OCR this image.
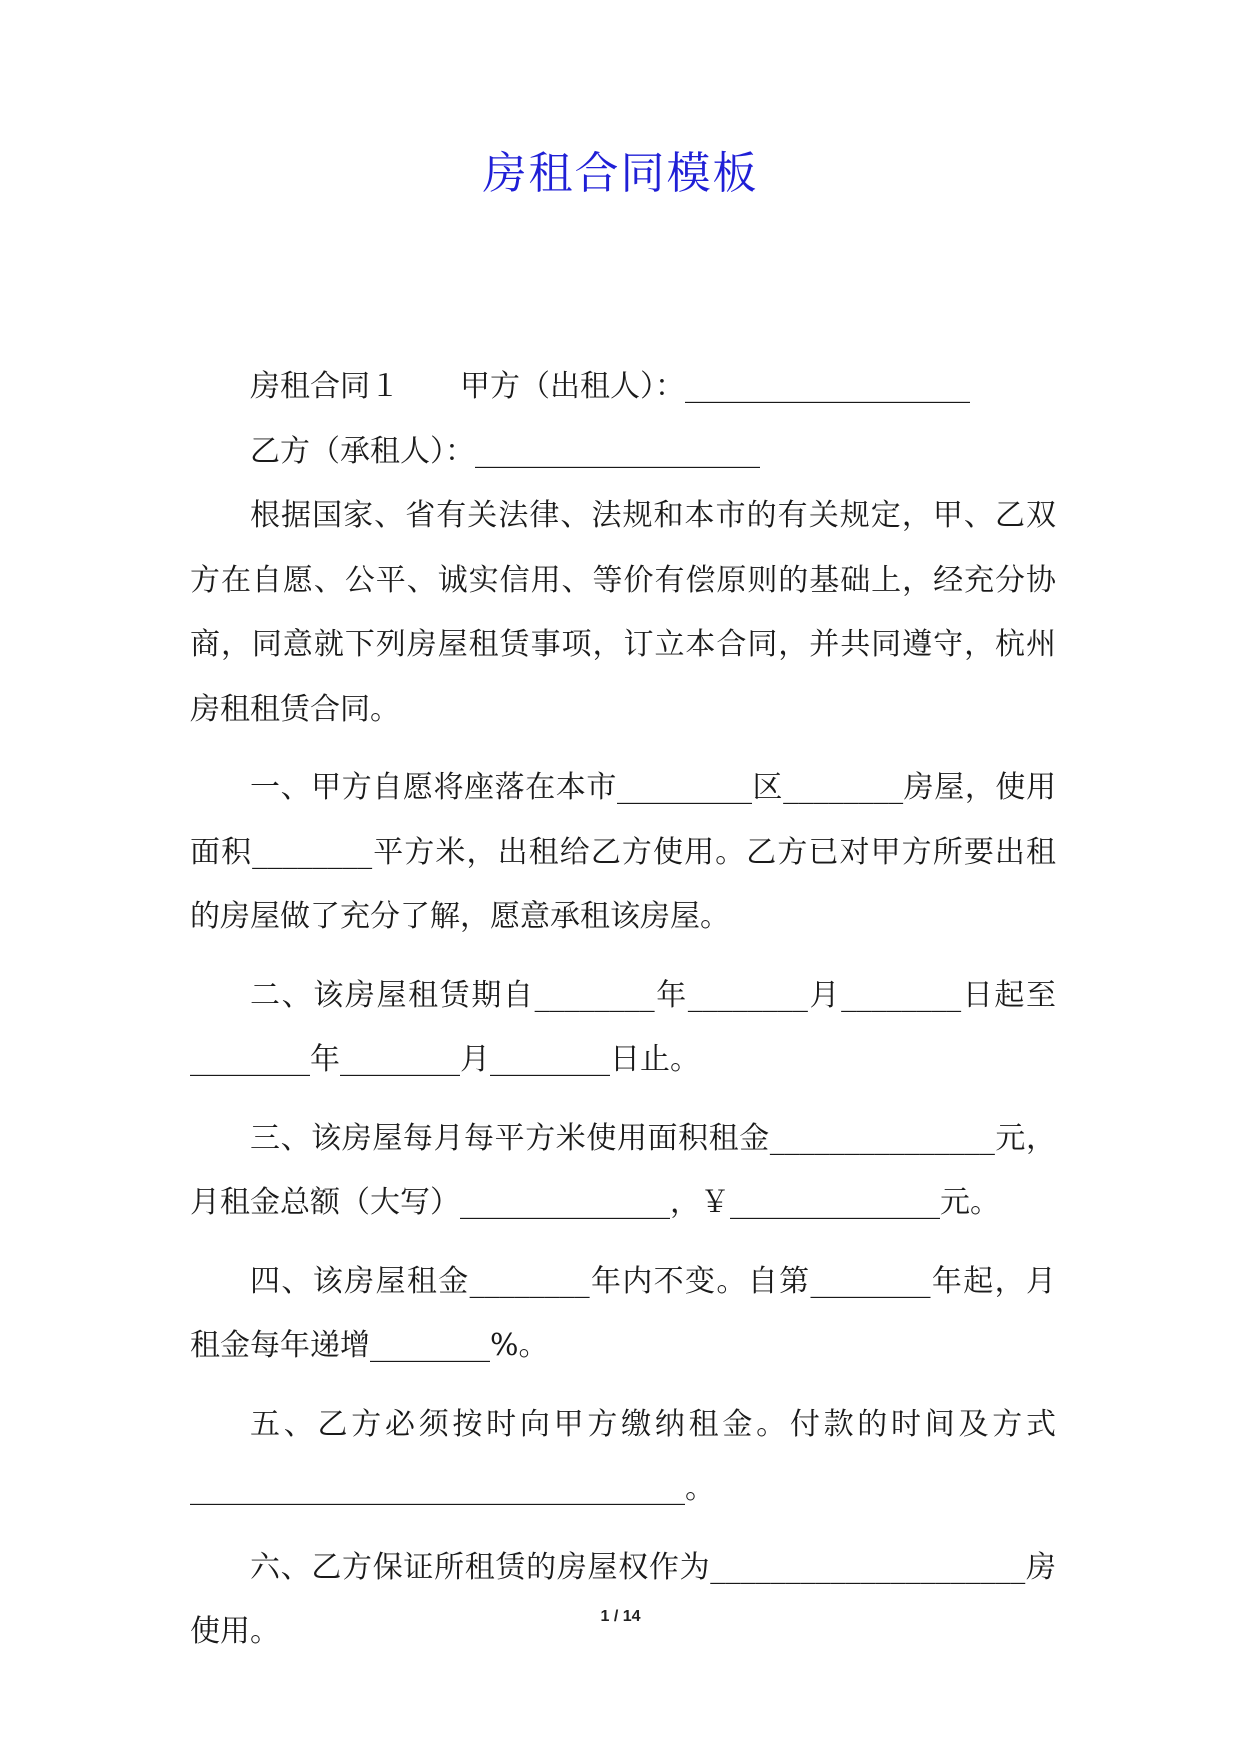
房租合同模板

房租合同１　　甲方（出租人）：___________________

乙方（承租人）：___________________

根据国家、省有关法律、法规和本市的有关规定，甲、乙双方在自愿、公平、诚实信用、等价有偿原则的基础上，经充分协商，同意就下列房屋租赁事项，订立本合同，并共同遵守，杭州房租租赁合同。

一、甲方自愿将座落在本市_________区________房屋，使用面积________平方米，出租给乙方使用。乙方已对甲方所要出租的房屋做了充分了解，愿意承租该房屋。

二、该房屋租赁期自________年________月________日起至________年________月________日止。

三、该房屋每月每平方米使用面积租金_______________元，月租金总额（大写）______________，￥______________元。

四、该房屋租金________年内不变。自第________年起，月租金每年递增________%。

五、乙方必须按时向甲方缴纳租金。付款的时间及方式_________________________________。

六、乙方保证所租赁的房屋权作为_____________________房使用。	1 / 14
